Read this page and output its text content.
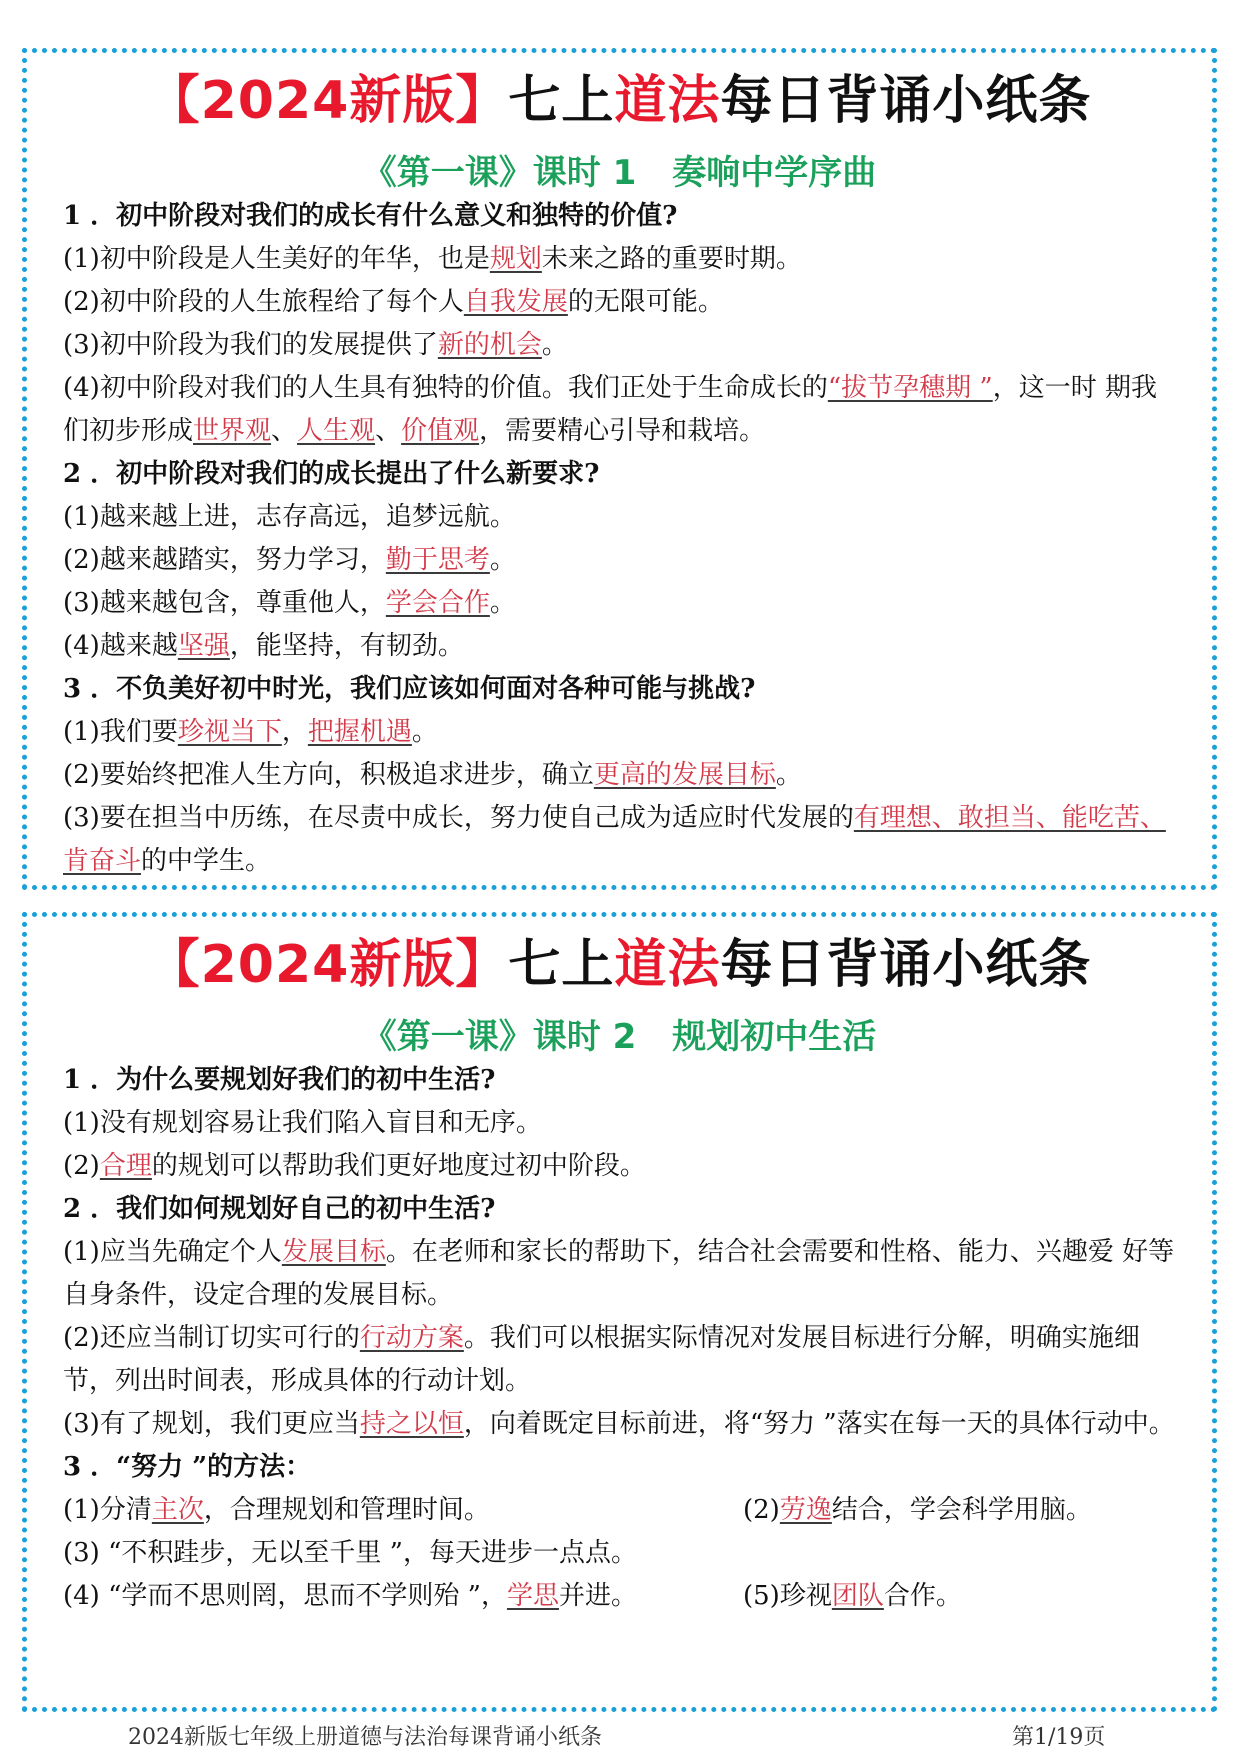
【2024新版】七上道法每日背诵小纸条
《第一课》课时 1 奏响中学序曲
1 ．初中阶段对我们的成长有什么意义和独特的价值?
(1)初中阶段是人生美好的年华，也是规划未来之路的重要时期。
(2)初中阶段的人生旅程给了每个人自我发展的无限可能。
(3)初中阶段为我们的发展提供了新的机会。
(4)初中阶段对我们的人生具有独特的价值。我们正处于生命成长的“拔节孕穗期 ”，这一时 期我们初步形成世界观、人生观、价值观，需要精心引导和栽培。
2 ．初中阶段对我们的成长提出了什么新要求?
(1)越来越上进，志存高远，追梦远航。
(2)越来越踏实，努力学习，勤于思考。
(3)越来越包含，尊重他人，学会合作。
(4)越来越坚强，能坚持，有韧劲。
3 ．不负美好初中时光，我们应该如何面对各种可能与挑战?
(1)我们要珍视当下，把握机遇。
(2)要始终把准人生方向，积极追求进步，确立更高的发展目标。
(3)要在担当中历练，在尽责中成长，努力使自己成为适应时代发展的有理想、敢担当、能吃苦、肯奋斗的中学生。
【2024新版】七上道法每日背诵小纸条
《第一课》课时 2 规划初中生活
1 ．为什么要规划好我们的初中生活?
(1)没有规划容易让我们陷入盲目和无序。
(2)合理的规划可以帮助我们更好地度过初中阶段。
2 ．我们如何规划好自己的初中生活?
(1)应当先确定个人发展目标。在老师和家长的帮助下，结合社会需要和性格、能力、兴趣爱 好等自身条件，设定合理的发展目标。
(2)还应当制订切实可行的行动方案。我们可以根据实际情况对发展目标进行分解，明确实施细节，列出时间表，形成具体的行动计划。
(3)有了规划，我们更应当持之以恒，向着既定目标前进，将“努力 ”落实在每一天的具体行动中。
3 ．“努力 ”的方法：
(1)分清主次，合理规划和管理时间。	(2)劳逸结合，学会科学用脑。
(3) “不积跬步，无以至千里 ”，每天进步一点点。
(4) “学而不思则罔，思而不学则殆 ”，学思并进。	(5)珍视团队合作。
2024新版七年级上册道德与法治每课背诵小纸条	第1/19页
